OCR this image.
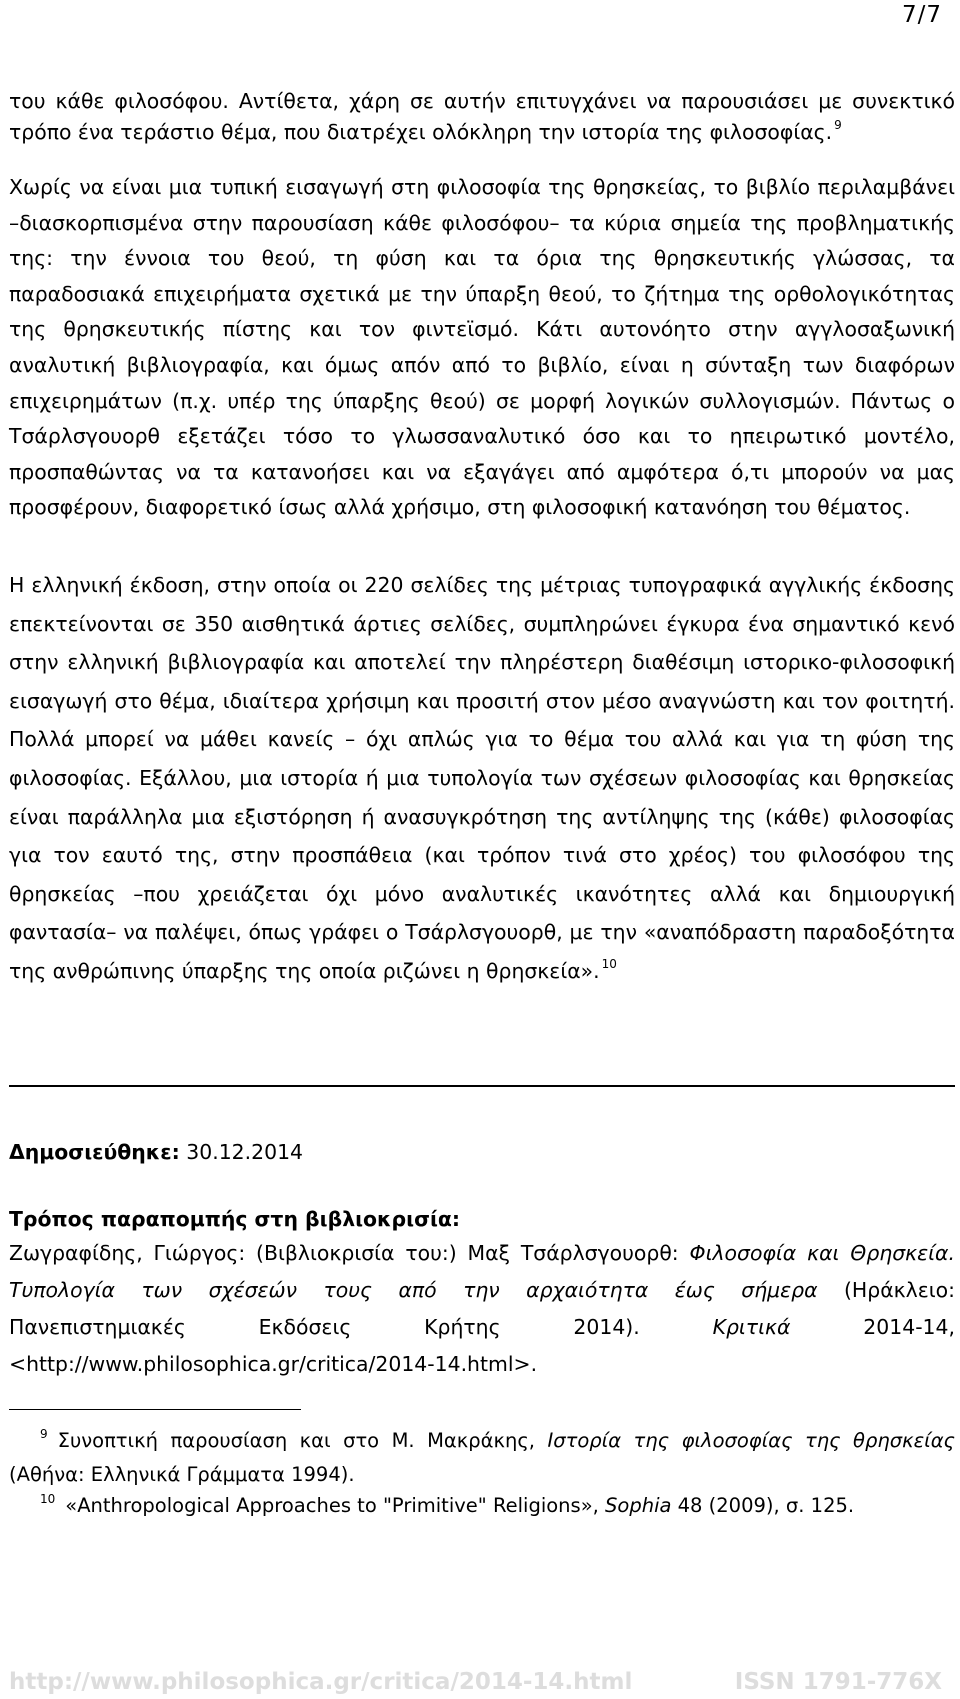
7/7

του κάθε φιλοσόφου. Αντίθετα, χάρη σε αυτήν επιτυγχάνει να παρουσιάσει με συνεκτικό τρόπο ένα τεράστιο θέμα, που διατρέχει ολόκληρη την ιστορία της φιλοσοφίας. $^9$

Χωρίς να είναι μια τυπική εισαγωγή στη φιλοσοφία της θρησκείας, το βιβλίο περιλαμβάνει –διασκορπισμένα στην παρουσίαση κάθε φιλοσόφου– τα κύρια σημεία της προβληματικής της: την έννοια του θεού, τη φύση και τα όρια της θρησκευτικής γλώσσας, τα παραδοσιακά επιχειρήματα σχετικά με την ύπαρξη θεού, το ζήτημα της ορθολογικότητας της θρησκευτικής πίστης και τον φιντεϊσμό. Κάτι αυτονόητο στην αγγλοσαξωνική αναλυτική βιβλιογραφία, και όμως απόν από το βιβλίο, είναι η σύνταξη των διαφόρων επιχειρημάτων (π.χ. υπέρ της ύπαρξης θεού) σε μορφή λογικών συλλογισμών. Πάντως ο Τσάρλσγουορθ εξετάζει τόσο το γλωσσαναλυτικό όσο και το ηπειρωτικό μοντέλο, προσπαθώντας να τα κατανοήσει και να εξαγάγει από αμφότερα ό,τι μπορούν να μας προσφέρουν, διαφορετικό ίσως αλλά χρήσιμο, στη φιλοσοφική κατανόηση του θέματος.

Η ελληνική έκδοση, στην οποία οι 220 σελίδες της μέτριας τυπογραφικά αγγλικής έκδοσης επεκτείνονται σε 350 αισθητικά άρτιες σελίδες, συμπληρώνει έγκυρα ένα σημαντικό κενό στην ελληνική βιβλιογραφία και αποτελεί την πληρέστερη διαθέσιμη ιστορικο-φιλοσοφική εισαγωγή στο θέμα, ιδιαίτερα χρήσιμη και προσιτή στον μέσο αναγνώστη και τον φοιτητή. Πολλά μπορεί να μάθει κανείς – όχι απλώς για το θέμα του αλλά και για τη φύση της φιλοσοφίας. Εξάλλου, μια ιστορία ή μια τυπολογία των σχέσεων φιλοσοφίας και θρησκείας είναι παράλληλα μια εξιστόρηση ή ανασυγκρότηση της αντίληψης της (κάθε) φιλοσοφίας για τον εαυτό της, στην προσπάθεια (και τρόπον τινά στο χρέος) του φιλοσόφου της θρησκείας –που χρειάζεται όχι μόνο αναλυτικές ικανότητες αλλά και δημιουργική φαντασία– να παλέψει, όπως γράφει ο Τσάρλσγουορθ, με την «αναπόδραστη παραδοξότητα της ανθρώπινης ύπαρξης της οποία ριζώνει η θρησκεία». $^{10}$

Δημοσιεύθηκε: 30.12.2014

Τρόπος παραπομπής στη βιβλιοκρισία:

Ζωγραφίδης, Γιώργος: (Βιβλιοκρισία του:) Μαξ Τσάρλσγουορθ: Φιλοσοφία και Θρησκεία. Τυπολογία των σχέσεών τους από την αρχαιότητα έως σήμερα (Ηράκλειο: Πανεπιστημιακές Εκδόσεις Κρήτης 2014). Κριτικά 2014-14, <http://www.philosophica.gr/critica/2014-14.html>.

$^9$ Συνοπτική παρουσίαση και στο Μ. Μακράκης, Ιστορία της φιλοσοφίας της θρησκείας (Αθήνα: Ελληνικά Γράμματα 1994).

$^{10}$ «Anthropological Approaches to "Primitive" Religions», Sophia 48 (2009), σ. 125.

http://www.philosophica.gr/critica/2014-14.html	ISSN 1791-776X
